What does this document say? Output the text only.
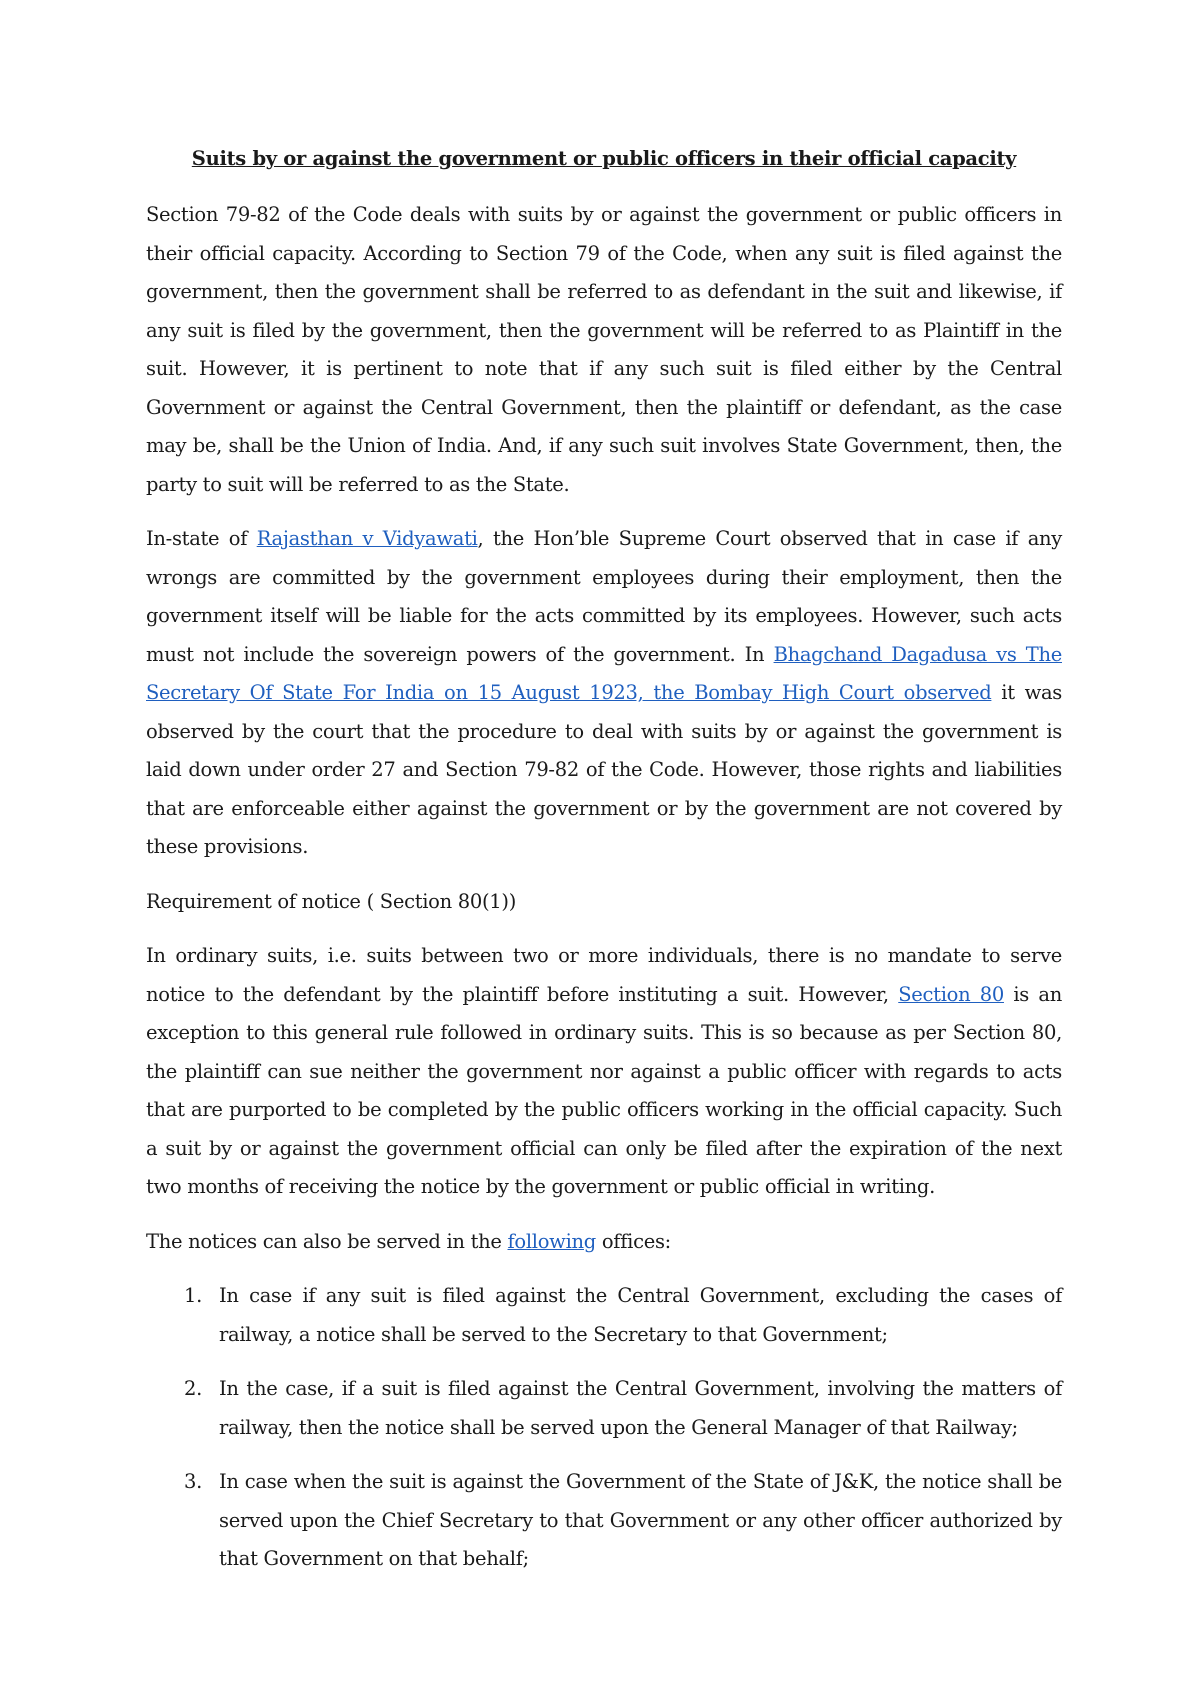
Suits by or against the government or public officers in their official capacity

Section 79-82 of the Code deals with suits by or against the government or public officers in their official capacity. According to Section 79 of the Code, when any suit is filed against the government, then the government shall be referred to as defendant in the suit and likewise, if any suit is filed by the government, then the government will be referred to as Plaintiff in the suit. However, it is pertinent to note that if any such suit is filed either by the Central Government or against the Central Government, then the plaintiff or defendant, as the case may be, shall be the Union of India. And, if any such suit involves State Government, then, the party to suit will be referred to as the State.

In-state of Rajasthan v Vidyawati, the Hon’ble Supreme Court observed that in case if any wrongs are committed by the government employees during their employment, then the government itself will be liable for the acts committed by its employees. However, such acts must not include the sovereign powers of the government. In Bhagchand Dagadusa vs The Secretary Of State For India on 15 August 1923, the Bombay High Court observed it was observed by the court that the procedure to deal with suits by or against the government is laid down under order 27 and Section 79-82 of the Code. However, those rights and liabilities that are enforceable either against the government or by the government are not covered by these provisions.

Requirement of notice ( Section 80(1))

In ordinary suits, i.e. suits between two or more individuals, there is no mandate to serve notice to the defendant by the plaintiff before instituting a suit. However, Section 80 is an exception to this general rule followed in ordinary suits. This is so because as per Section 80, the plaintiff can sue neither the government nor against a public officer with regards to acts that are purported to be completed by the public officers working in the official capacity. Such a suit by or against the government official can only be filed after the expiration of the next two months of receiving the notice by the government or public official in writing.

The notices can also be served in the following offices:

1. In case if any suit is filed against the Central Government, excluding the cases of railway, a notice shall be served to the Secretary to that Government;
2. In the case, if a suit is filed against the Central Government, involving the matters of railway, then the notice shall be served upon the General Manager of that Railway;
3. In case when the suit is against the Government of the State of J&K, the notice shall be served upon the Chief Secretary to that Government or any other officer authorized by that Government on that behalf;
